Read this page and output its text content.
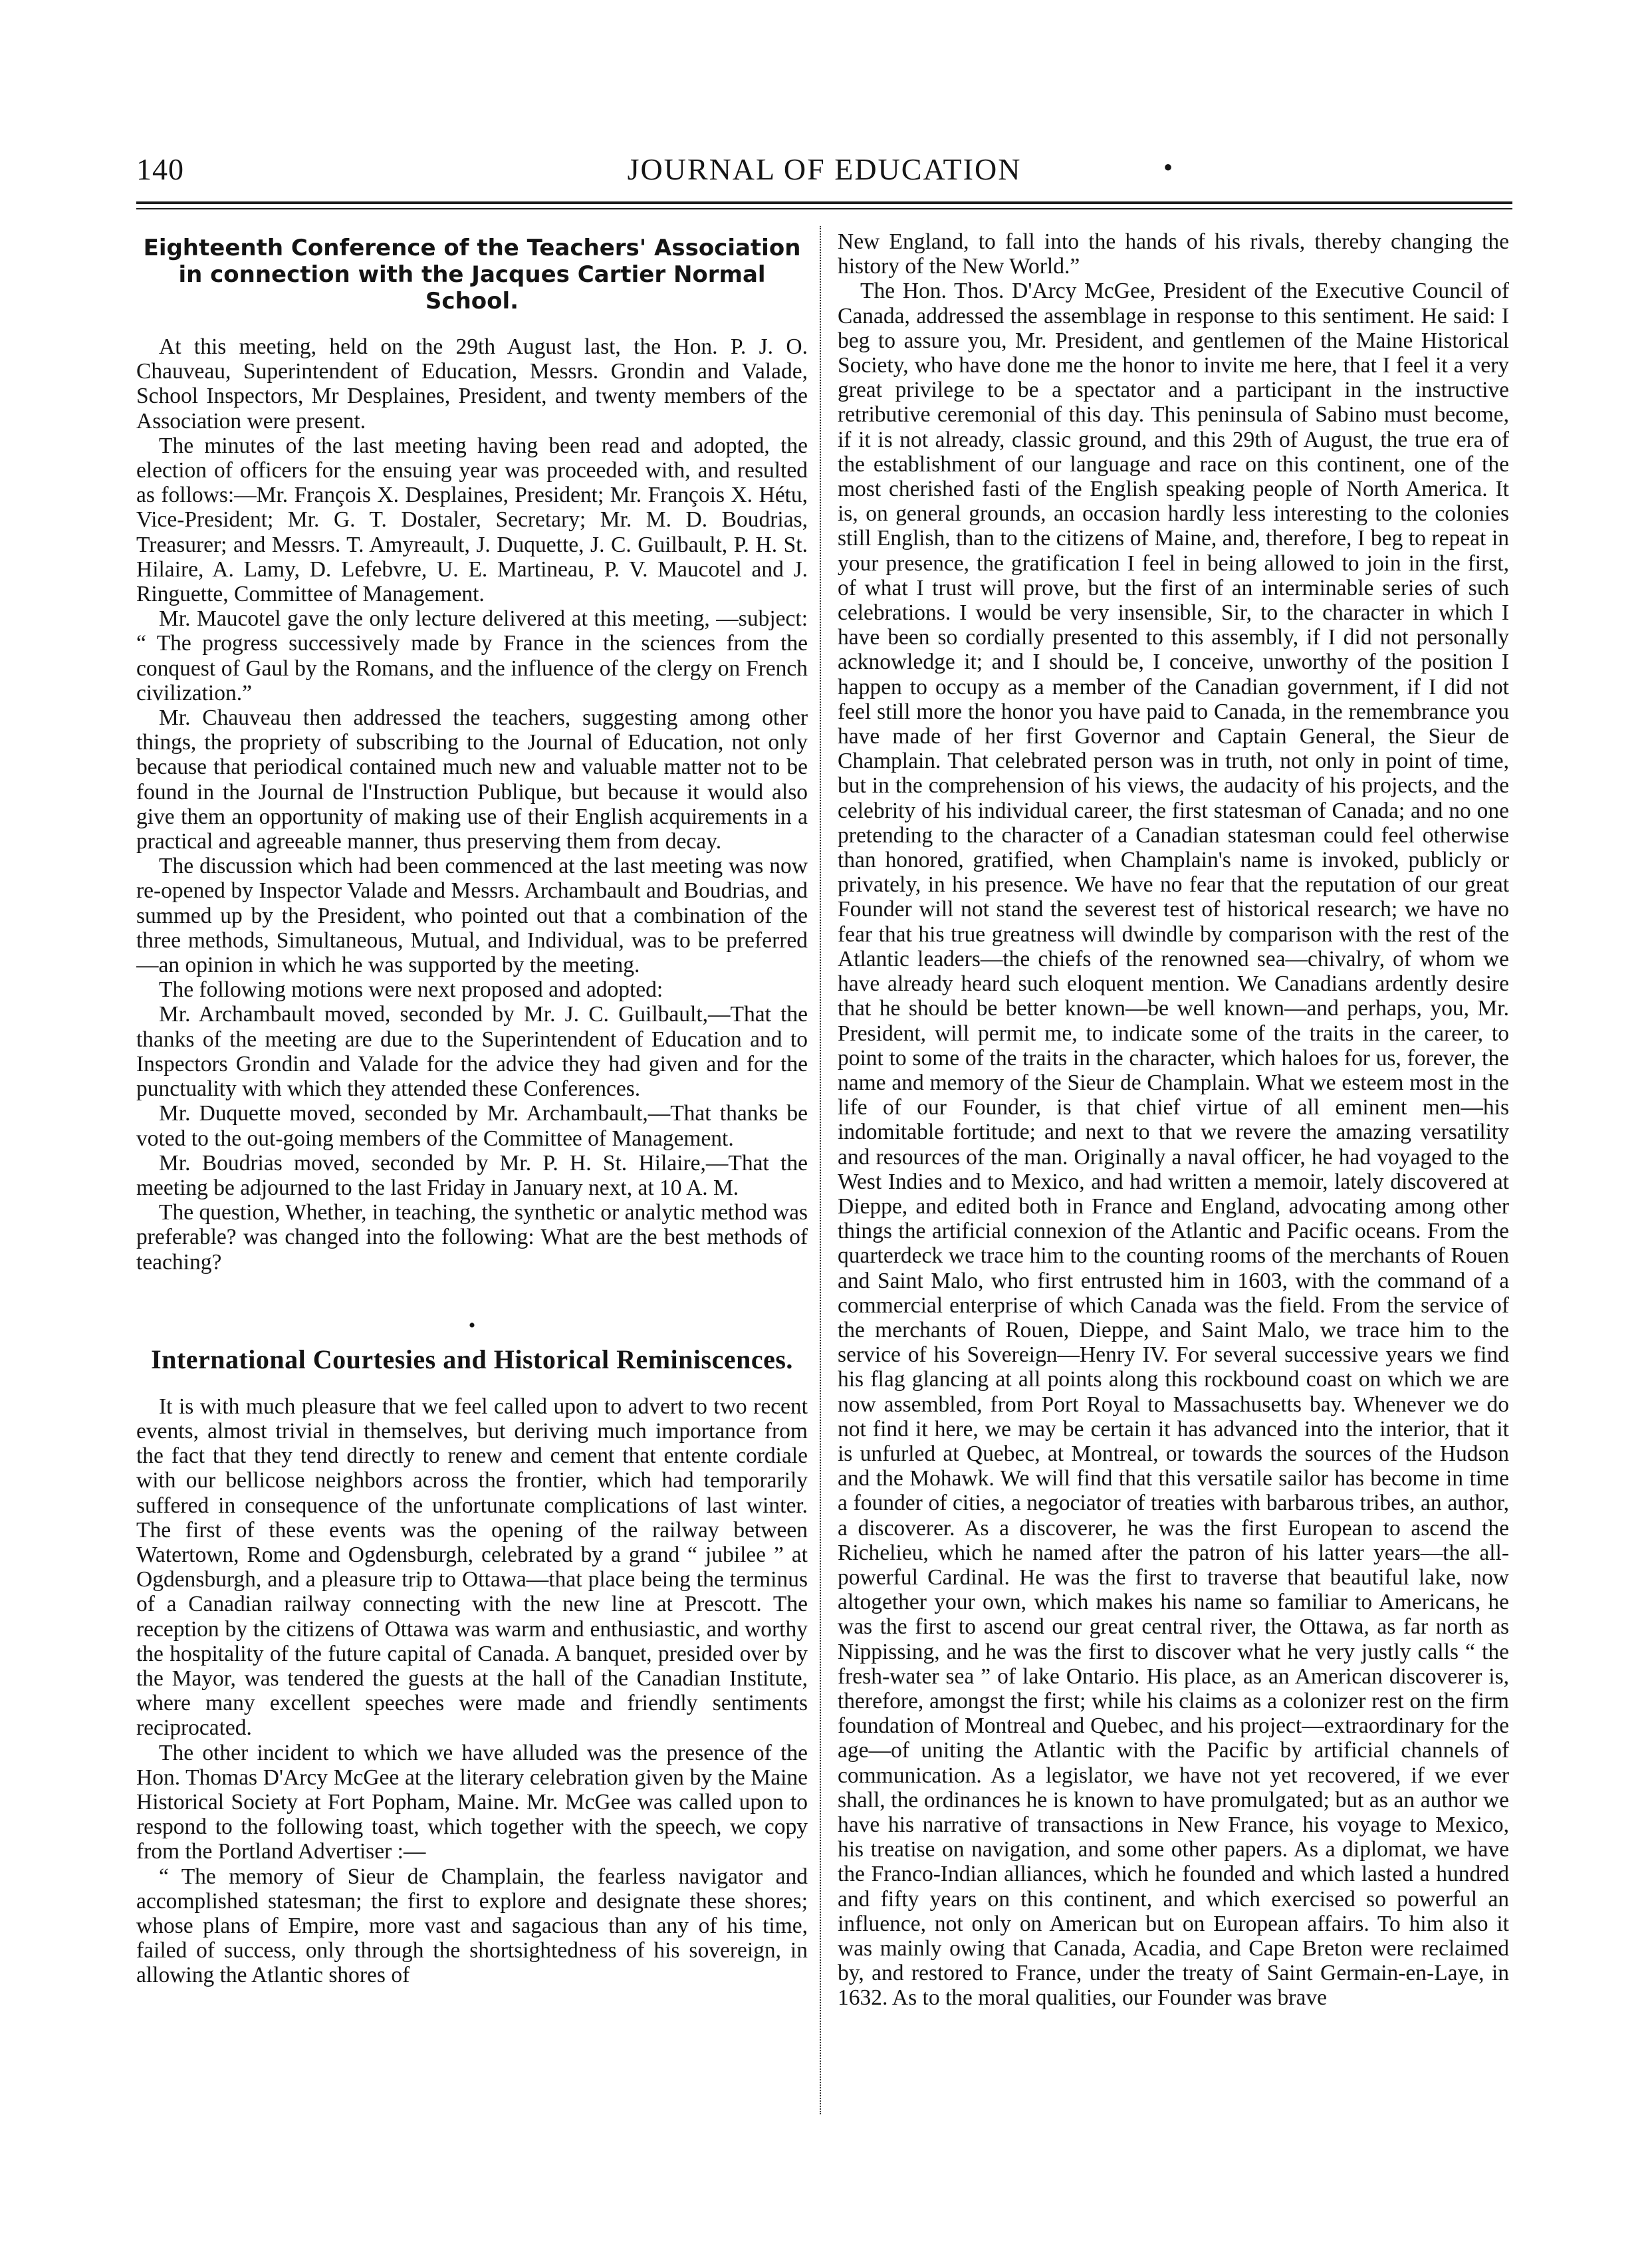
140	JOURNAL OF EDUCATION	•
Eighteenth Conference of the Teachers' Association in connection with the Jacques Cartier Normal School.

At this meeting, held on the 29th August last, the Hon. P. J. O. Chauveau, Superintendent of Education, Messrs. Grondin and Valade, School Inspectors, Mr Desplaines, President, and twenty members of the Association were present.

The minutes of the last meeting having been read and adopted, the election of officers for the ensuing year was proceeded with, and resulted as follows:—Mr. François X. Desplaines, President; Mr. François X. Hétu, Vice-President; Mr. G. T. Dostaler, Secretary; Mr. M. D. Boudrias, Treasurer; and Messrs. T. Amyreault, J. Duquette, J. C. Guilbault, P. H. St. Hilaire, A. Lamy, D. Lefebvre, U. E. Martineau, P. V. Maucotel and J. Ringuette, Committee of Management.

Mr. Maucotel gave the only lecture delivered at this meeting, —subject: “ The progress successively made by France in the sciences from the conquest of Gaul by the Romans, and the influence of the clergy on French civilization.”

Mr. Chauveau then addressed the teachers, suggesting among other things, the propriety of subscribing to the Journal of Education, not only because that periodical contained much new and valuable matter not to be found in the Journal de l'Instruction Publique, but because it would also give them an opportunity of making use of their English acquirements in a practical and agreeable manner, thus preserving them from decay.

The discussion which had been commenced at the last meeting was now re-opened by Inspector Valade and Messrs. Archambault and Boudrias, and summed up by the President, who pointed out that a combination of the three methods, Simultaneous, Mutual, and Individual, was to be preferred—an opinion in which he was supported by the meeting.

The following motions were next proposed and adopted:

Mr. Archambault moved, seconded by Mr. J. C. Guilbault,—That the thanks of the meeting are due to the Superintendent of Education and to Inspectors Grondin and Valade for the advice they had given and for the punctuality with which they attended these Conferences.

Mr. Duquette moved, seconded by Mr. Archambault,—That thanks be voted to the out-going members of the Committee of Management.

Mr. Boudrias moved, seconded by Mr. P. H. St. Hilaire,—That the meeting be adjourned to the last Friday in January next, at 10 A. M.

The question, Whether, in teaching, the synthetic or analytic method was preferable? was changed into the following: What are the best methods of teaching?

•
International Courtesies and Historical Reminiscences.

It is with much pleasure that we feel called upon to advert to two recent events, almost trivial in themselves, but deriving much importance from the fact that they tend directly to renew and cement that entente cordiale with our bellicose neighbors across the frontier, which had temporarily suffered in consequence of the unfortunate complications of last winter. The first of these events was the opening of the railway between Watertown, Rome and Ogdensburgh, celebrated by a grand “ jubilee ” at Ogdensburgh, and a pleasure trip to Ottawa—that place being the terminus of a Canadian railway connecting with the new line at Prescott. The reception by the citizens of Ottawa was warm and enthusiastic, and worthy the hospitality of the future capital of Canada. A banquet, presided over by the Mayor, was tendered the guests at the hall of the Canadian Institute, where many excellent speeches were made and friendly sentiments reciprocated.

The other incident to which we have alluded was the presence of the Hon. Thomas D'Arcy McGee at the literary celebration given by the Maine Historical Society at Fort Popham, Maine. Mr. McGee was called upon to respond to the following toast, which together with the speech, we copy from the Portland Advertiser :—

“ The memory of Sieur de Champlain, the fearless navigator and accomplished statesman; the first to explore and designate these shores; whose plans of Empire, more vast and sagacious than any of his time, failed of success, only through the shortsightedness of his sovereign, in allowing the Atlantic shores of

New England, to fall into the hands of his rivals, thereby changing the history of the New World.”

The Hon. Thos. D'Arcy McGee, President of the Executive Council of Canada, addressed the assemblage in response to this sentiment. He said: I beg to assure you, Mr. President, and gentlemen of the Maine Historical Society, who have done me the honor to invite me here, that I feel it a very great privilege to be a spectator and a participant in the instructive retributive ceremonial of this day. This peninsula of Sabino must become, if it is not already, classic ground, and this 29th of August, the true era of the establishment of our language and race on this continent, one of the most cherished fasti of the English speaking people of North America. It is, on general grounds, an occasion hardly less interesting to the colonies still English, than to the citizens of Maine, and, therefore, I beg to repeat in your presence, the gratification I feel in being allowed to join in the first, of what I trust will prove, but the first of an interminable series of such celebrations. I would be very insensible, Sir, to the character in which I have been so cordially presented to this assembly, if I did not personally acknowledge it; and I should be, I conceive, unworthy of the position I happen to occupy as a member of the Canadian government, if I did not feel still more the honor you have paid to Canada, in the remembrance you have made of her first Governor and Captain General, the Sieur de Champlain. That celebrated person was in truth, not only in point of time, but in the comprehension of his views, the audacity of his projects, and the celebrity of his individual career, the first statesman of Canada; and no one pretending to the character of a Canadian statesman could feel otherwise than honored, gratified, when Champlain's name is invoked, publicly or privately, in his presence. We have no fear that the reputation of our great Founder will not stand the severest test of historical research; we have no fear that his true greatness will dwindle by comparison with the rest of the Atlantic leaders—the chiefs of the renowned sea—chivalry, of whom we have already heard such eloquent mention. We Canadians ardently desire that he should be better known—be well known—and perhaps, you, Mr. President, will permit me, to indicate some of the traits in the career, to point to some of the traits in the character, which haloes for us, forever, the name and memory of the Sieur de Champlain. What we esteem most in the life of our Founder, is that chief virtue of all eminent men—his indomitable fortitude; and next to that we revere the amazing versatility and resources of the man. Originally a naval officer, he had voyaged to the West Indies and to Mexico, and had written a memoir, lately discovered at Dieppe, and edited both in France and England, advocating among other things the artificial connexion of the Atlantic and Pacific oceans. From the quarterdeck we trace him to the counting rooms of the merchants of Rouen and Saint Malo, who first entrusted him in 1603, with the command of a commercial enterprise of which Canada was the field. From the service of the merchants of Rouen, Dieppe, and Saint Malo, we trace him to the service of his Sovereign—Henry IV. For several successive years we find his flag glancing at all points along this rockbound coast on which we are now assembled, from Port Royal to Massachusetts bay. Whenever we do not find it here, we may be certain it has advanced into the interior, that it is unfurled at Quebec, at Montreal, or towards the sources of the Hudson and the Mohawk. We will find that this versatile sailor has become in time a founder of cities, a negociator of treaties with barbarous tribes, an author, a discoverer. As a discoverer, he was the first European to ascend the Richelieu, which he named after the patron of his latter years—the all-powerful Cardinal. He was the first to traverse that beautiful lake, now altogether your own, which makes his name so familiar to Americans, he was the first to ascend our great central river, the Ottawa, as far north as Nippissing, and he was the first to discover what he very justly calls “ the fresh-water sea ” of lake Ontario. His place, as an American discoverer is, therefore, amongst the first; while his claims as a colonizer rest on the firm foundation of Montreal and Quebec, and his project—extraordinary for the age—of uniting the Atlantic with the Pacific by artificial channels of communication. As a legislator, we have not yet recovered, if we ever shall, the ordinances he is known to have promulgated; but as an author we have his narrative of transactions in New France, his voyage to Mexico, his treatise on navigation, and some other papers. As a diplomat, we have the Franco-Indian alliances, which he founded and which lasted a hundred and fifty years on this continent, and which exercised so powerful an influence, not only on American but on European affairs. To him also it was mainly owing that Canada, Acadia, and Cape Breton were reclaimed by, and restored to France, under the treaty of Saint Germain-en-Laye, in 1632. As to the moral qualities, our Founder was brave
